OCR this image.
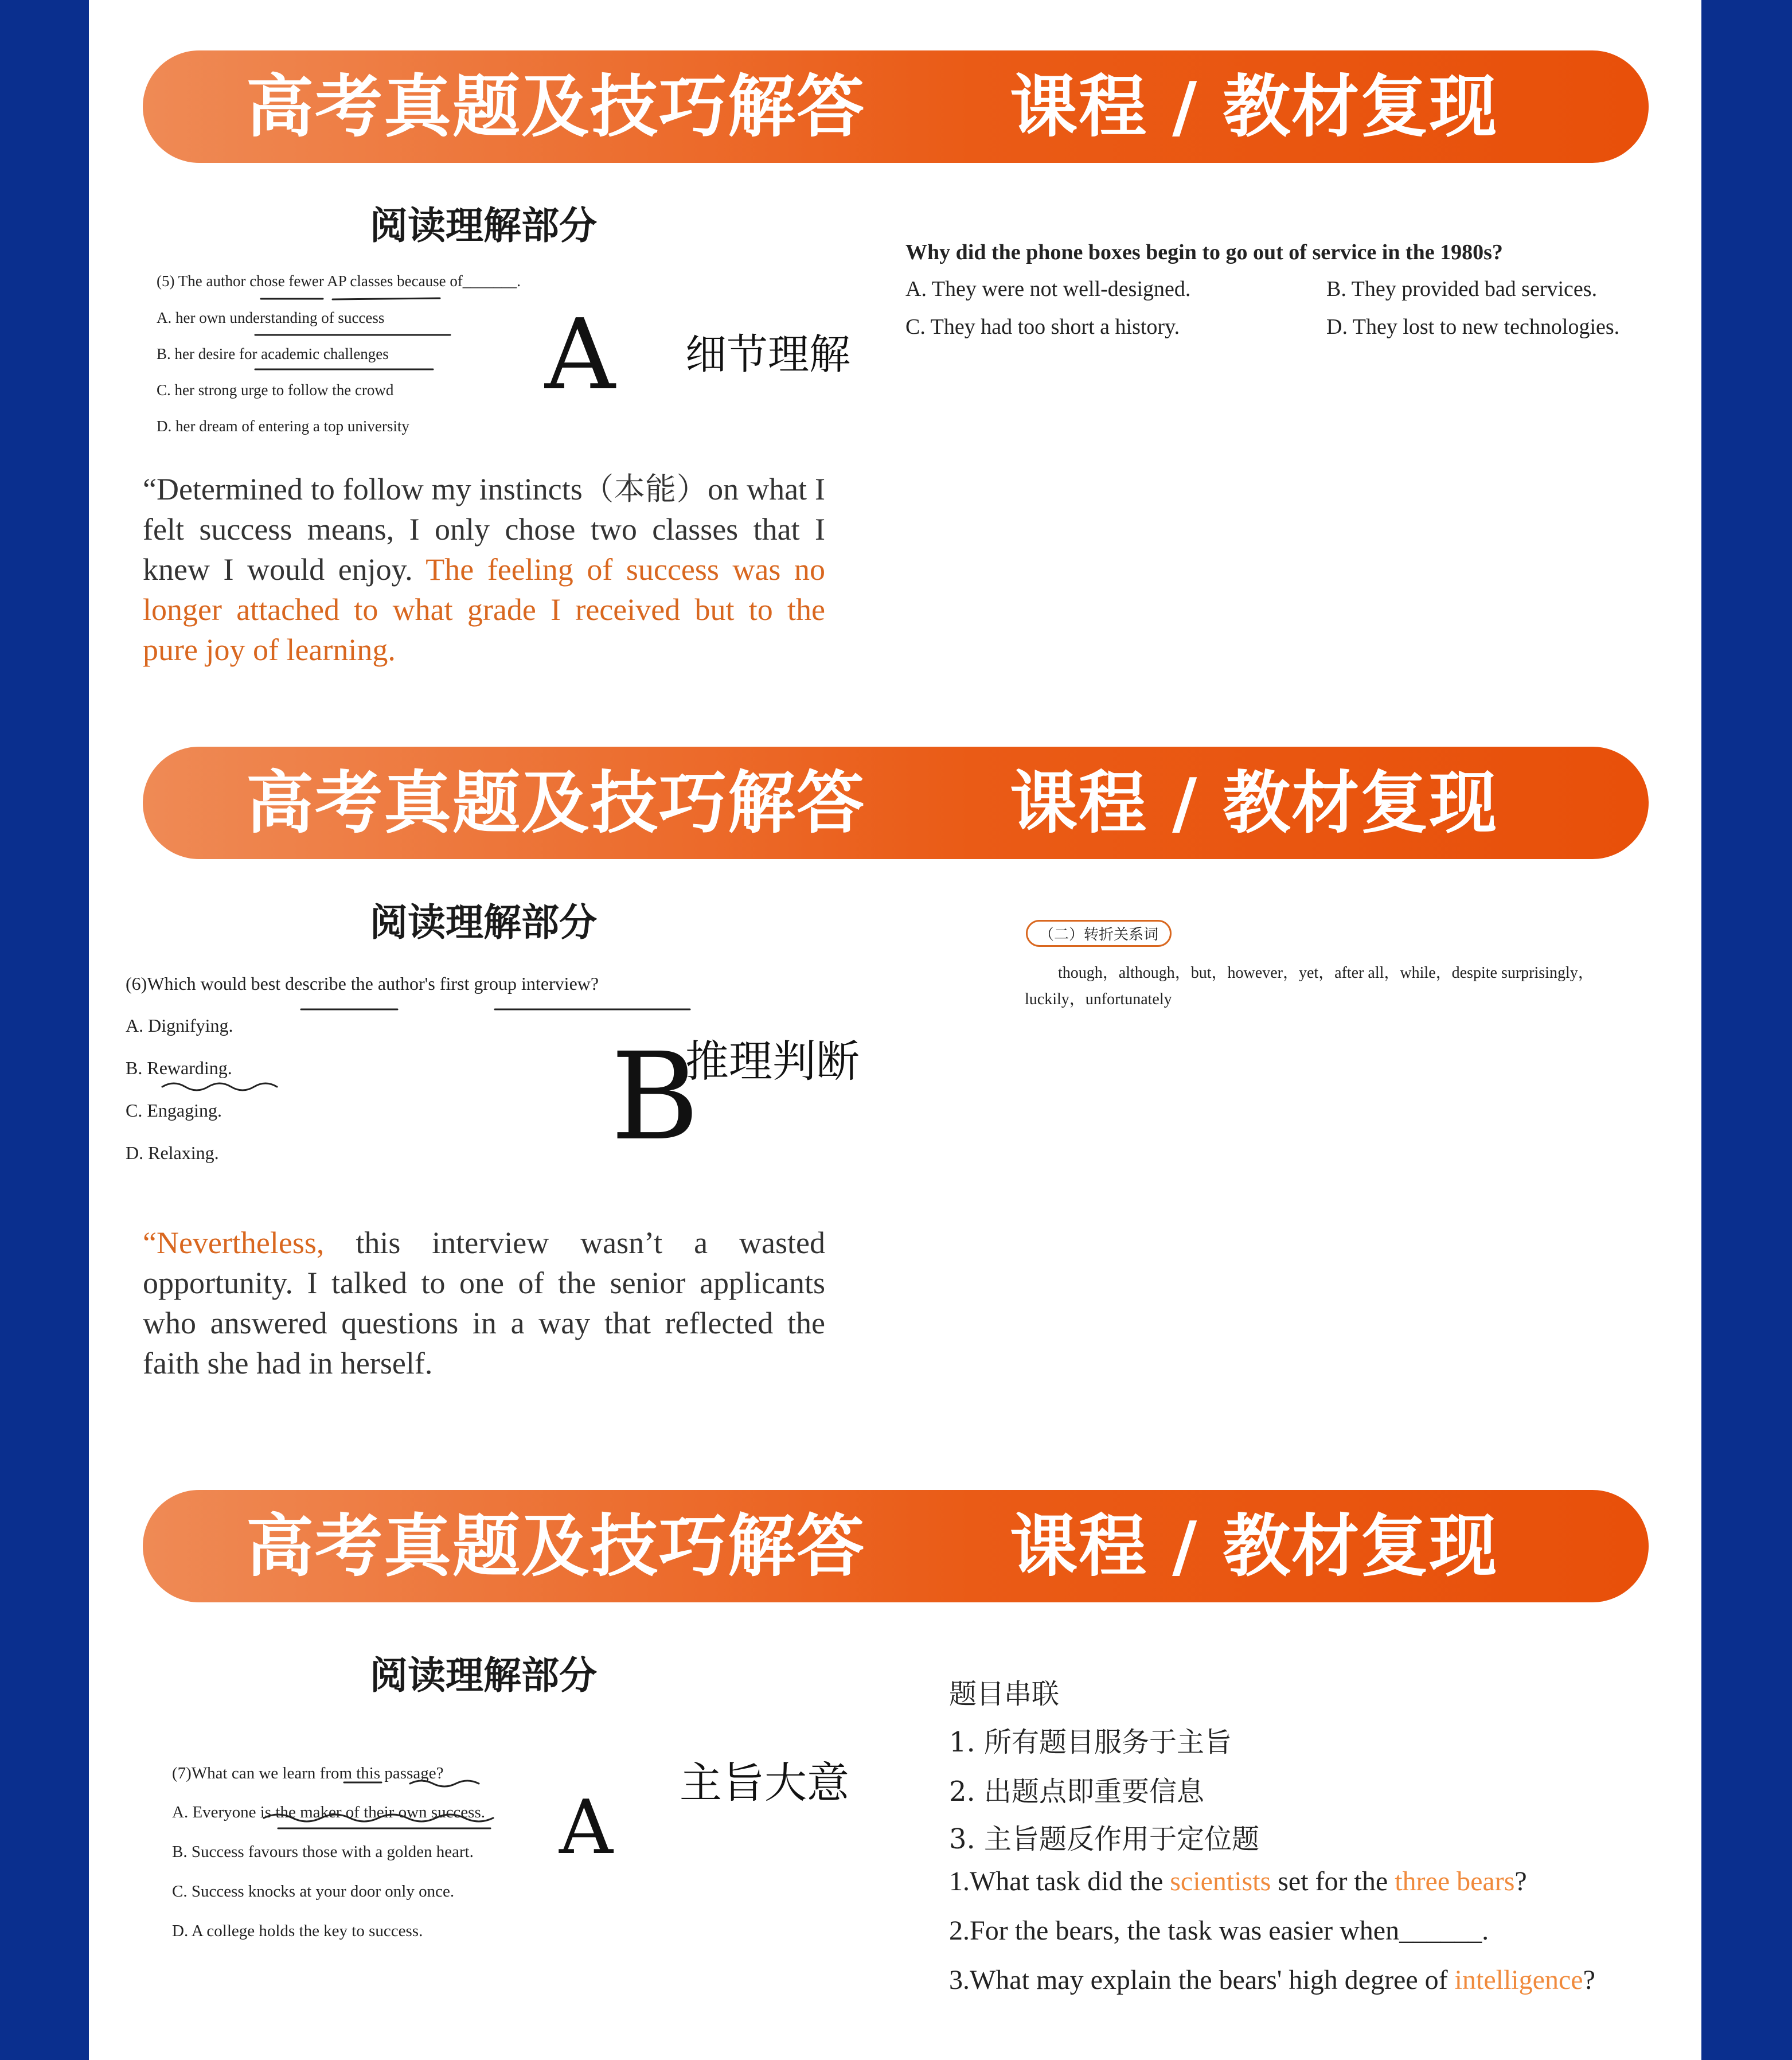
高考真题及技巧解答 课程 / 教材复现
阅读理解部分
(5) The author chose fewer AP classes because of_______.
A. her own understanding of success
B. her desire for academic challenges
C. her strong urge to follow the crowd
D. her dream of entering a top university
A 细节理解
“Determined to follow my instincts（本能）on what I felt success means, I only chose two classes that I knew I would enjoy. The feeling of success was no longer attached to what grade I received but to the pure joy of learning.
Why did the phone boxes begin to go out of service in the 1980s?
A. They were not well-designed.	B. They provided bad services.
C. They had too short a history.	D. They lost to new technologies.
高考真题及技巧解答 课程 / 教材复现
阅读理解部分
(6)Which would best describe the author's first group interview?
A. Dignifying.
B. Rewarding.
C. Engaging.
D. Relaxing.	B
推理判断
“Nevertheless, this interview wasn’t a wasted opportunity. I talked to one of the senior applicants who answered questions in a way that reflected the faith she had in herself.
（二）转折关系词
though，although，but，however，yet，after all，while，despite surprisingly，
luckily，unfortunately
高考真题及技巧解答 课程 / 教材复现
阅读理解部分
(7)What can we learn from this passage?
A. Everyone is the maker of their own success.
B. Success favours those with a golden heart.
C. Success knocks at your door only once.
D. A college holds the key to success.
A
主旨大意
题目串联
1. 所有题目服务于主旨
2. 出题点即重要信息
3. 主旨题反作用于定位题
1.What task did the scientists set for the three bears?
2.For the bears, the task was easier when______.
3.What may explain the bears' high degree of intelligence?
